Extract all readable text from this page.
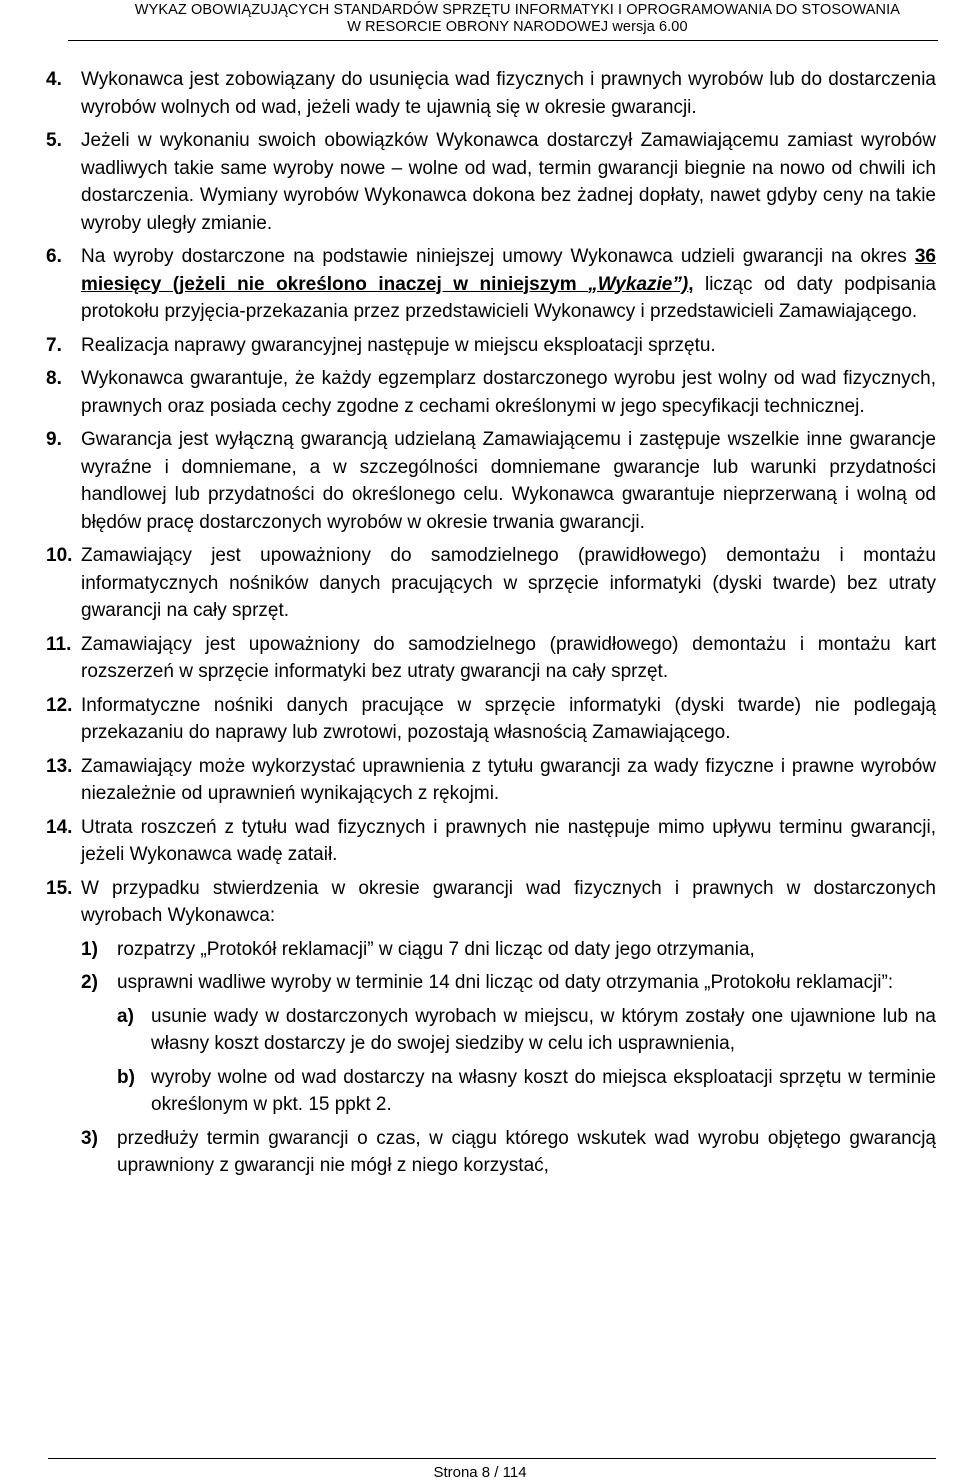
WYKAZ OBOWIĄZUJĄCYCH STANDARDÓW SPRZĘTU INFORMATYKI I OPROGRAMOWANIA DO STOSOWANIA
W RESORCIE OBRONY NARODOWEJ wersja 6.00
4.	Wykonawca jest zobowiązany do usunięcia wad fizycznych i prawnych wyrobów lub do dostarczenia wyrobów wolnych od wad, jeżeli wady te ujawnią się w okresie gwarancji.
5.	Jeżeli w wykonaniu swoich obowiązków Wykonawca dostarczył Zamawiającemu zamiast wyrobów wadliwych takie same wyroby nowe – wolne od wad, termin gwarancji biegnie na nowo od chwili ich dostarczenia. Wymiany wyrobów Wykonawca dokona bez żadnej dopłaty, nawet gdyby ceny na takie wyroby uległy zmianie.
6.	Na wyroby dostarczone na podstawie niniejszej umowy Wykonawca udzieli gwarancji na okres 36 miesięcy (jeżeli nie określono inaczej w niniejszym „Wykazie”), licząc od daty podpisania protokołu przyjęcia-przekazania przez przedstawicieli Wykonawcy i przedstawicieli Zamawiającego.
7.	Realizacja naprawy gwarancyjnej następuje w miejscu eksploatacji sprzętu.
8.	Wykonawca gwarantuje, że każdy egzemplarz dostarczonego wyrobu jest wolny od wad fizycznych, prawnych oraz posiada cechy zgodne z cechami określonymi w jego specyfikacji technicznej.
9.	Gwarancja jest wyłączną gwarancją udzielaną Zamawiającemu i zastępuje wszelkie inne gwarancje wyraźne i domniemane, a w szczególności domniemane gwarancje lub warunki przydatności handlowej lub przydatności do określonego celu. Wykonawca gwarantuje nieprzerwaną i wolną od błędów pracę dostarczonych wyrobów w okresie trwania gwarancji.
10. Zamawiający jest upoważniony do samodzielnego (prawidłowego) demontażu i montażu informatycznych nośników danych pracujących w sprzęcie informatyki (dyski twarde) bez utraty gwarancji na cały sprzęt.
11. Zamawiający jest upoważniony do samodzielnego (prawidłowego) demontażu i montażu kart rozszerzeń w sprzęcie informatyki bez utraty gwarancji na cały sprzęt.
12. Informatyczne nośniki danych pracujące w sprzęcie informatyki (dyski twarde) nie podlegają przekazaniu do naprawy lub zwrotowi, pozostają własnością Zamawiającego.
13. Zamawiający może wykorzystać uprawnienia z tytułu gwarancji za wady fizyczne i prawne wyrobów niezależnie od uprawnień wynikających z rękojmi.
14. Utrata roszczeń z tytułu wad fizycznych i prawnych nie następuje mimo upływu terminu gwarancji, jeżeli Wykonawca wadę zataił.
15. W przypadku stwierdzenia w okresie gwarancji wad fizycznych i prawnych w dostarczonych wyrobach Wykonawca:
1)	rozpatrzy „Protokół reklamacji” w ciągu 7 dni licząc od daty jego otrzymania,
2)	usprawni wadliwe wyroby w terminie 14 dni licząc od daty otrzymania „Protokołu reklamacji”:
a) usunie wady w dostarczonych wyrobach w miejscu, w którym zostały one ujawnione lub na własny koszt dostarczy je do swojej siedziby w celu ich usprawnienia,
b) wyroby wolne od wad dostarczy na własny koszt do miejsca eksploatacji sprzętu w terminie określonym w pkt. 15 ppkt 2.
3)	przedłuży termin gwarancji o czas, w ciągu którego wskutek wad wyrobu objętego gwarancją uprawniony z gwarancji nie mógł z niego korzystać,
Strona 8 / 114
